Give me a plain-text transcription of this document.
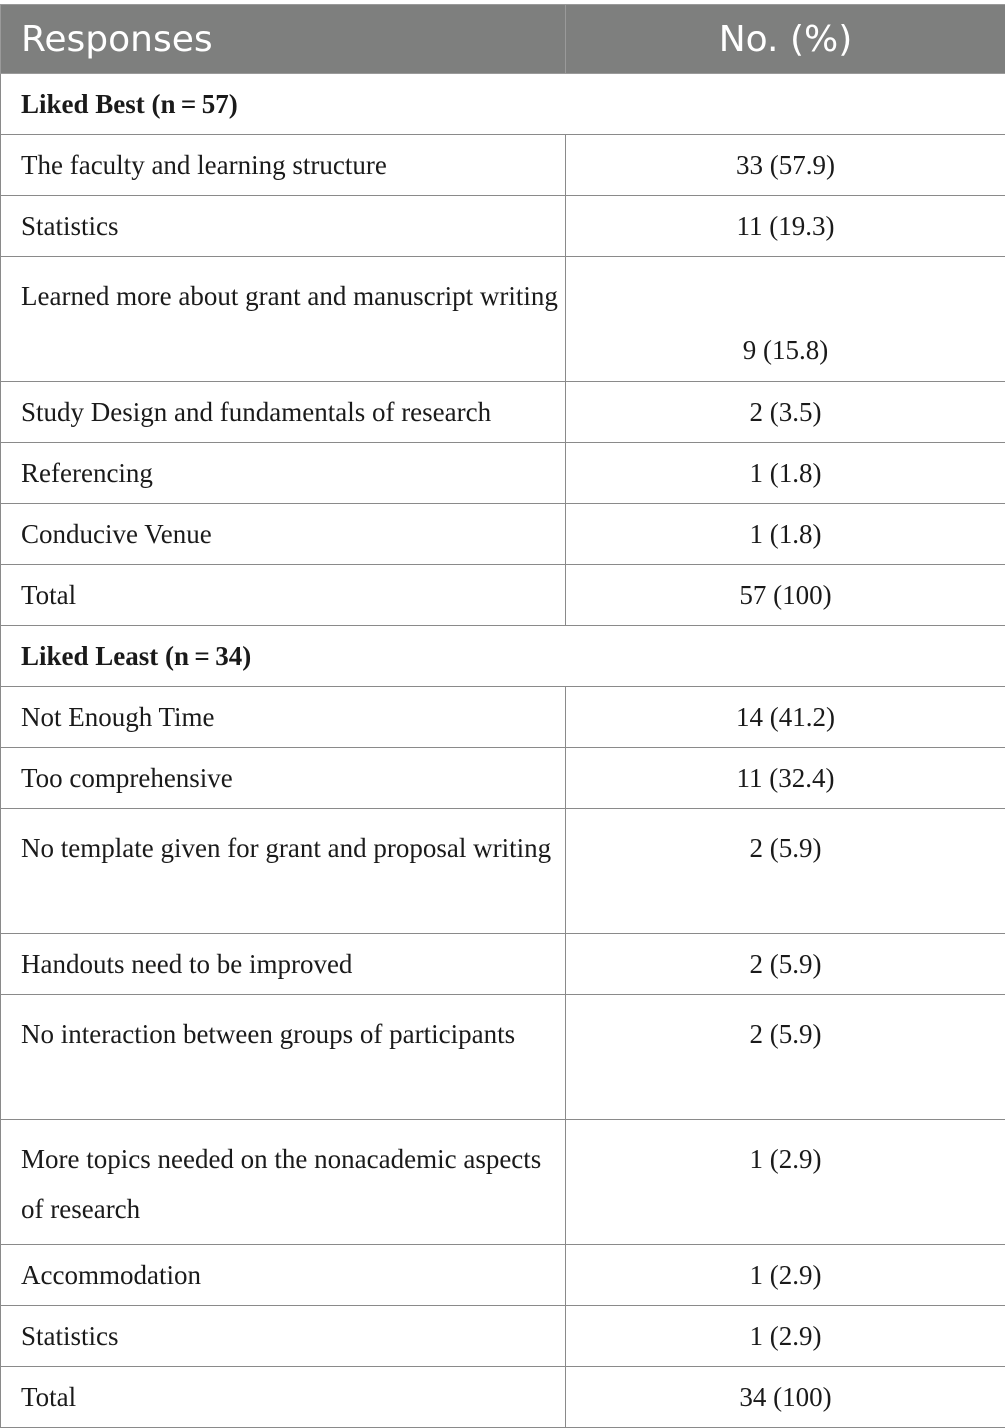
Responses	No. (%)
Liked Best (n = 57)	
The faculty and learning structure	33 (57.9)
Statistics	11 (19.3)
Learned more about grant and manuscript writing	9 (15.8)
Study Design and fundamentals of research	2 (3.5)
Referencing	1 (1.8)
Conducive Venue	1 (1.8)
Total	57 (100)
Liked Least (n = 34)	
Not Enough Time	14 (41.2)
Too comprehensive	11 (32.4)
No template given for grant and proposal writing	2 (5.9)
Handouts need to be improved	2 (5.9)
No interaction between groups of participants	2 (5.9)
More topics needed on the nonacademic aspects of research	1 (2.9)
Accommodation	1 (2.9)
Statistics	1 (2.9)
Total	34 (100)
